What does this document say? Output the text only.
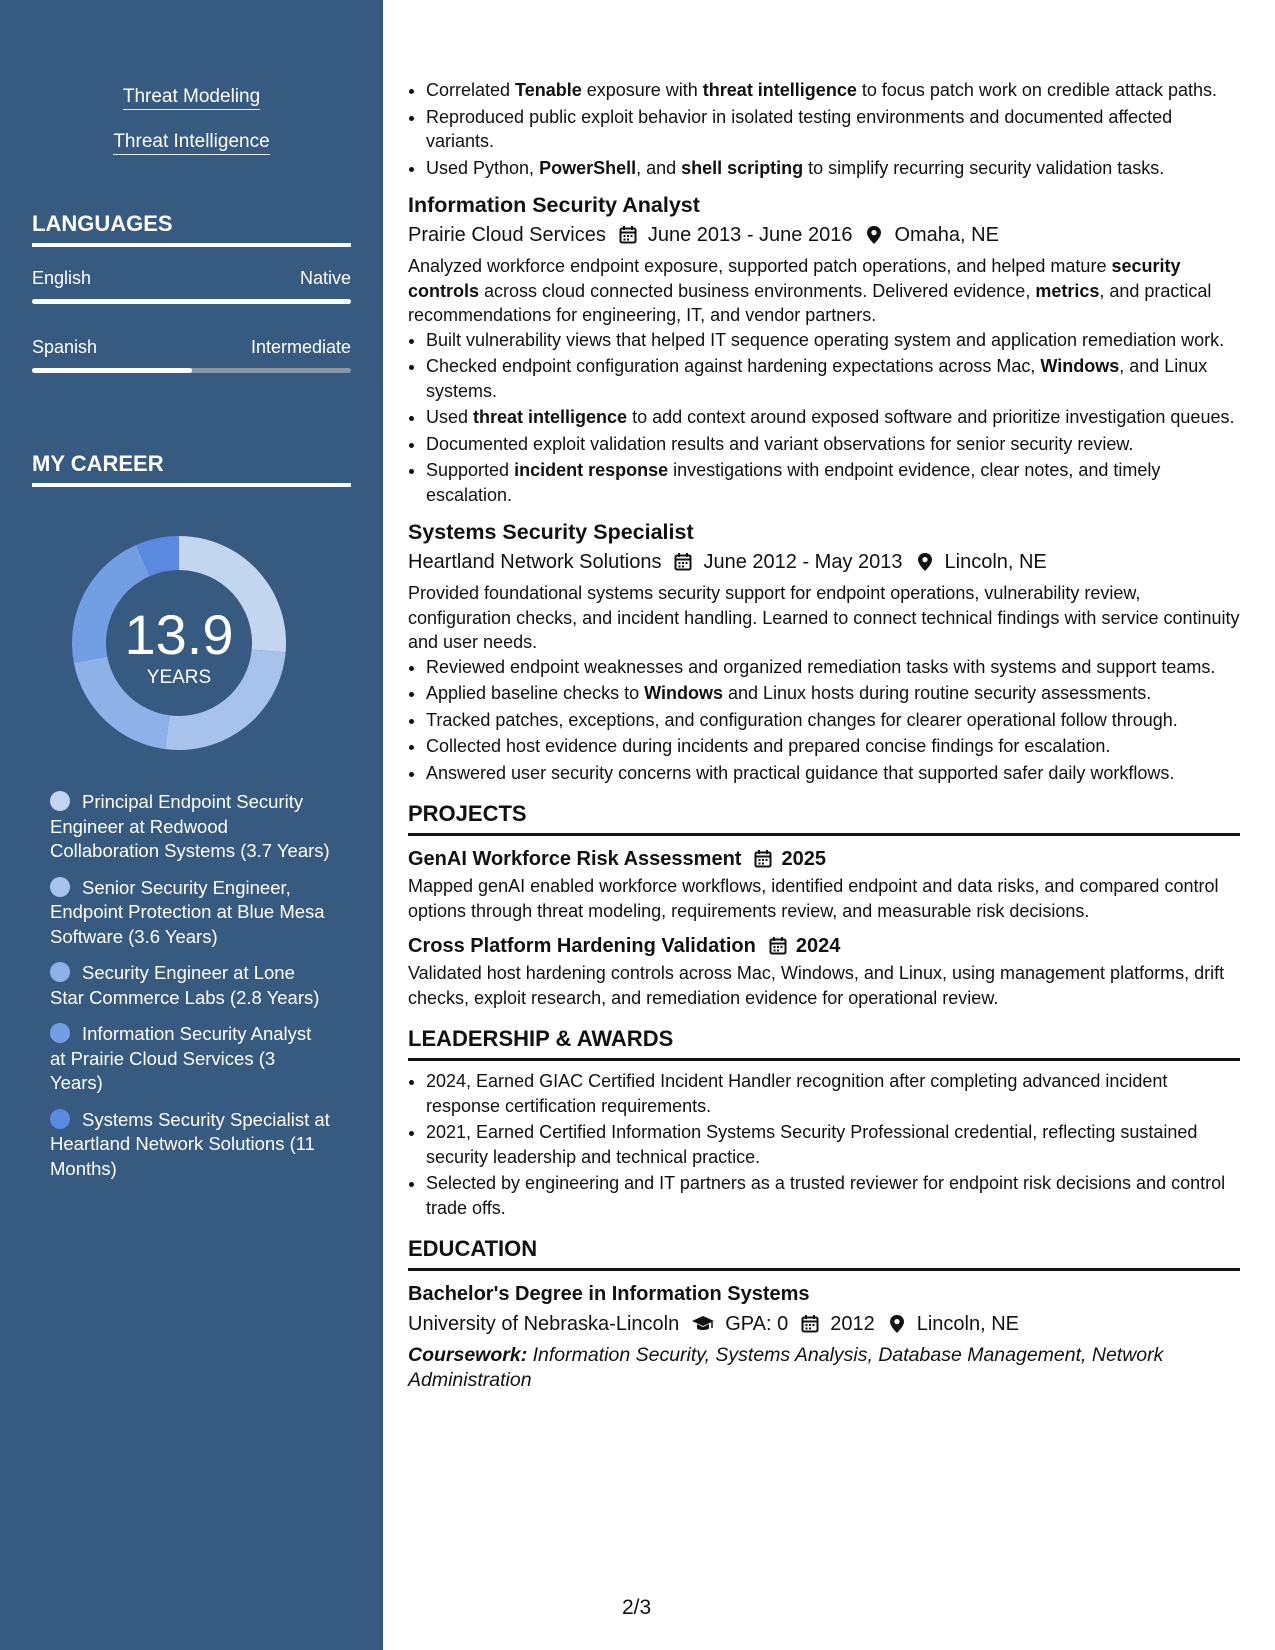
Threat Modeling
Threat Intelligence
LANGUAGES
English	Native
Spanish	Intermediate
MY CAREER
13.9
YEARS
Principal Endpoint Security Engineer at Redwood Collaboration Systems (3.7 Years)
Senior Security Engineer, Endpoint Protection at Blue Mesa Software (3.6 Years)
Security Engineer at Lone Star Commerce Labs (2.8 Years)
Information Security Analyst at Prairie Cloud Services (3 Years)
Systems Security Specialist at Heartland Network Solutions (11 Months)
• Correlated Tenable exposure with threat intelligence to focus patch work on credible attack paths.
• Reproduced public exploit behavior in isolated testing environments and documented affected variants.
• Used Python, PowerShell, and shell scripting to simplify recurring security validation tasks.
Information Security Analyst
Prairie Cloud Services June 2013 - June 2016 Omaha, NE
Analyzed workforce endpoint exposure, supported patch operations, and helped mature security controls across cloud connected business environments. Delivered evidence, metrics, and practical recommendations for engineering, IT, and vendor partners.
• Built vulnerability views that helped IT sequence operating system and application remediation work.
• Checked endpoint configuration against hardening expectations across Mac, Windows, and Linux systems.
• Used threat intelligence to add context around exposed software and prioritize investigation queues.
• Documented exploit validation results and variant observations for senior security review.
• Supported incident response investigations with endpoint evidence, clear notes, and timely escalation.
Systems Security Specialist
Heartland Network Solutions June 2012 - May 2013 Lincoln, NE
Provided foundational systems security support for endpoint operations, vulnerability review, configuration checks, and incident handling. Learned to connect technical findings with service continuity and user needs.
• Reviewed endpoint weaknesses and organized remediation tasks with systems and support teams.
• Applied baseline checks to Windows and Linux hosts during routine security assessments.
• Tracked patches, exceptions, and configuration changes for clearer operational follow through.
• Collected host evidence during incidents and prepared concise findings for escalation.
• Answered user security concerns with practical guidance that supported safer daily workflows.
PROJECTS
GenAI Workforce Risk Assessment 2025
Mapped genAI enabled workforce workflows, identified endpoint and data risks, and compared control options through threat modeling, requirements review, and measurable risk decisions.
Cross Platform Hardening Validation 2024
Validated host hardening controls across Mac, Windows, and Linux, using management platforms, drift checks, exploit research, and remediation evidence for operational review.
LEADERSHIP & AWARDS
• 2024, Earned GIAC Certified Incident Handler recognition after completing advanced incident response certification requirements.
• 2021, Earned Certified Information Systems Security Professional credential, reflecting sustained security leadership and technical practice.
• Selected by engineering and IT partners as a trusted reviewer for endpoint risk decisions and control trade offs.
EDUCATION
Bachelor's Degree in Information Systems
University of Nebraska-Lincoln GPA: 0 2012 Lincoln, NE
Coursework: Information Security, Systems Analysis, Database Management, Network Administration
2/3
